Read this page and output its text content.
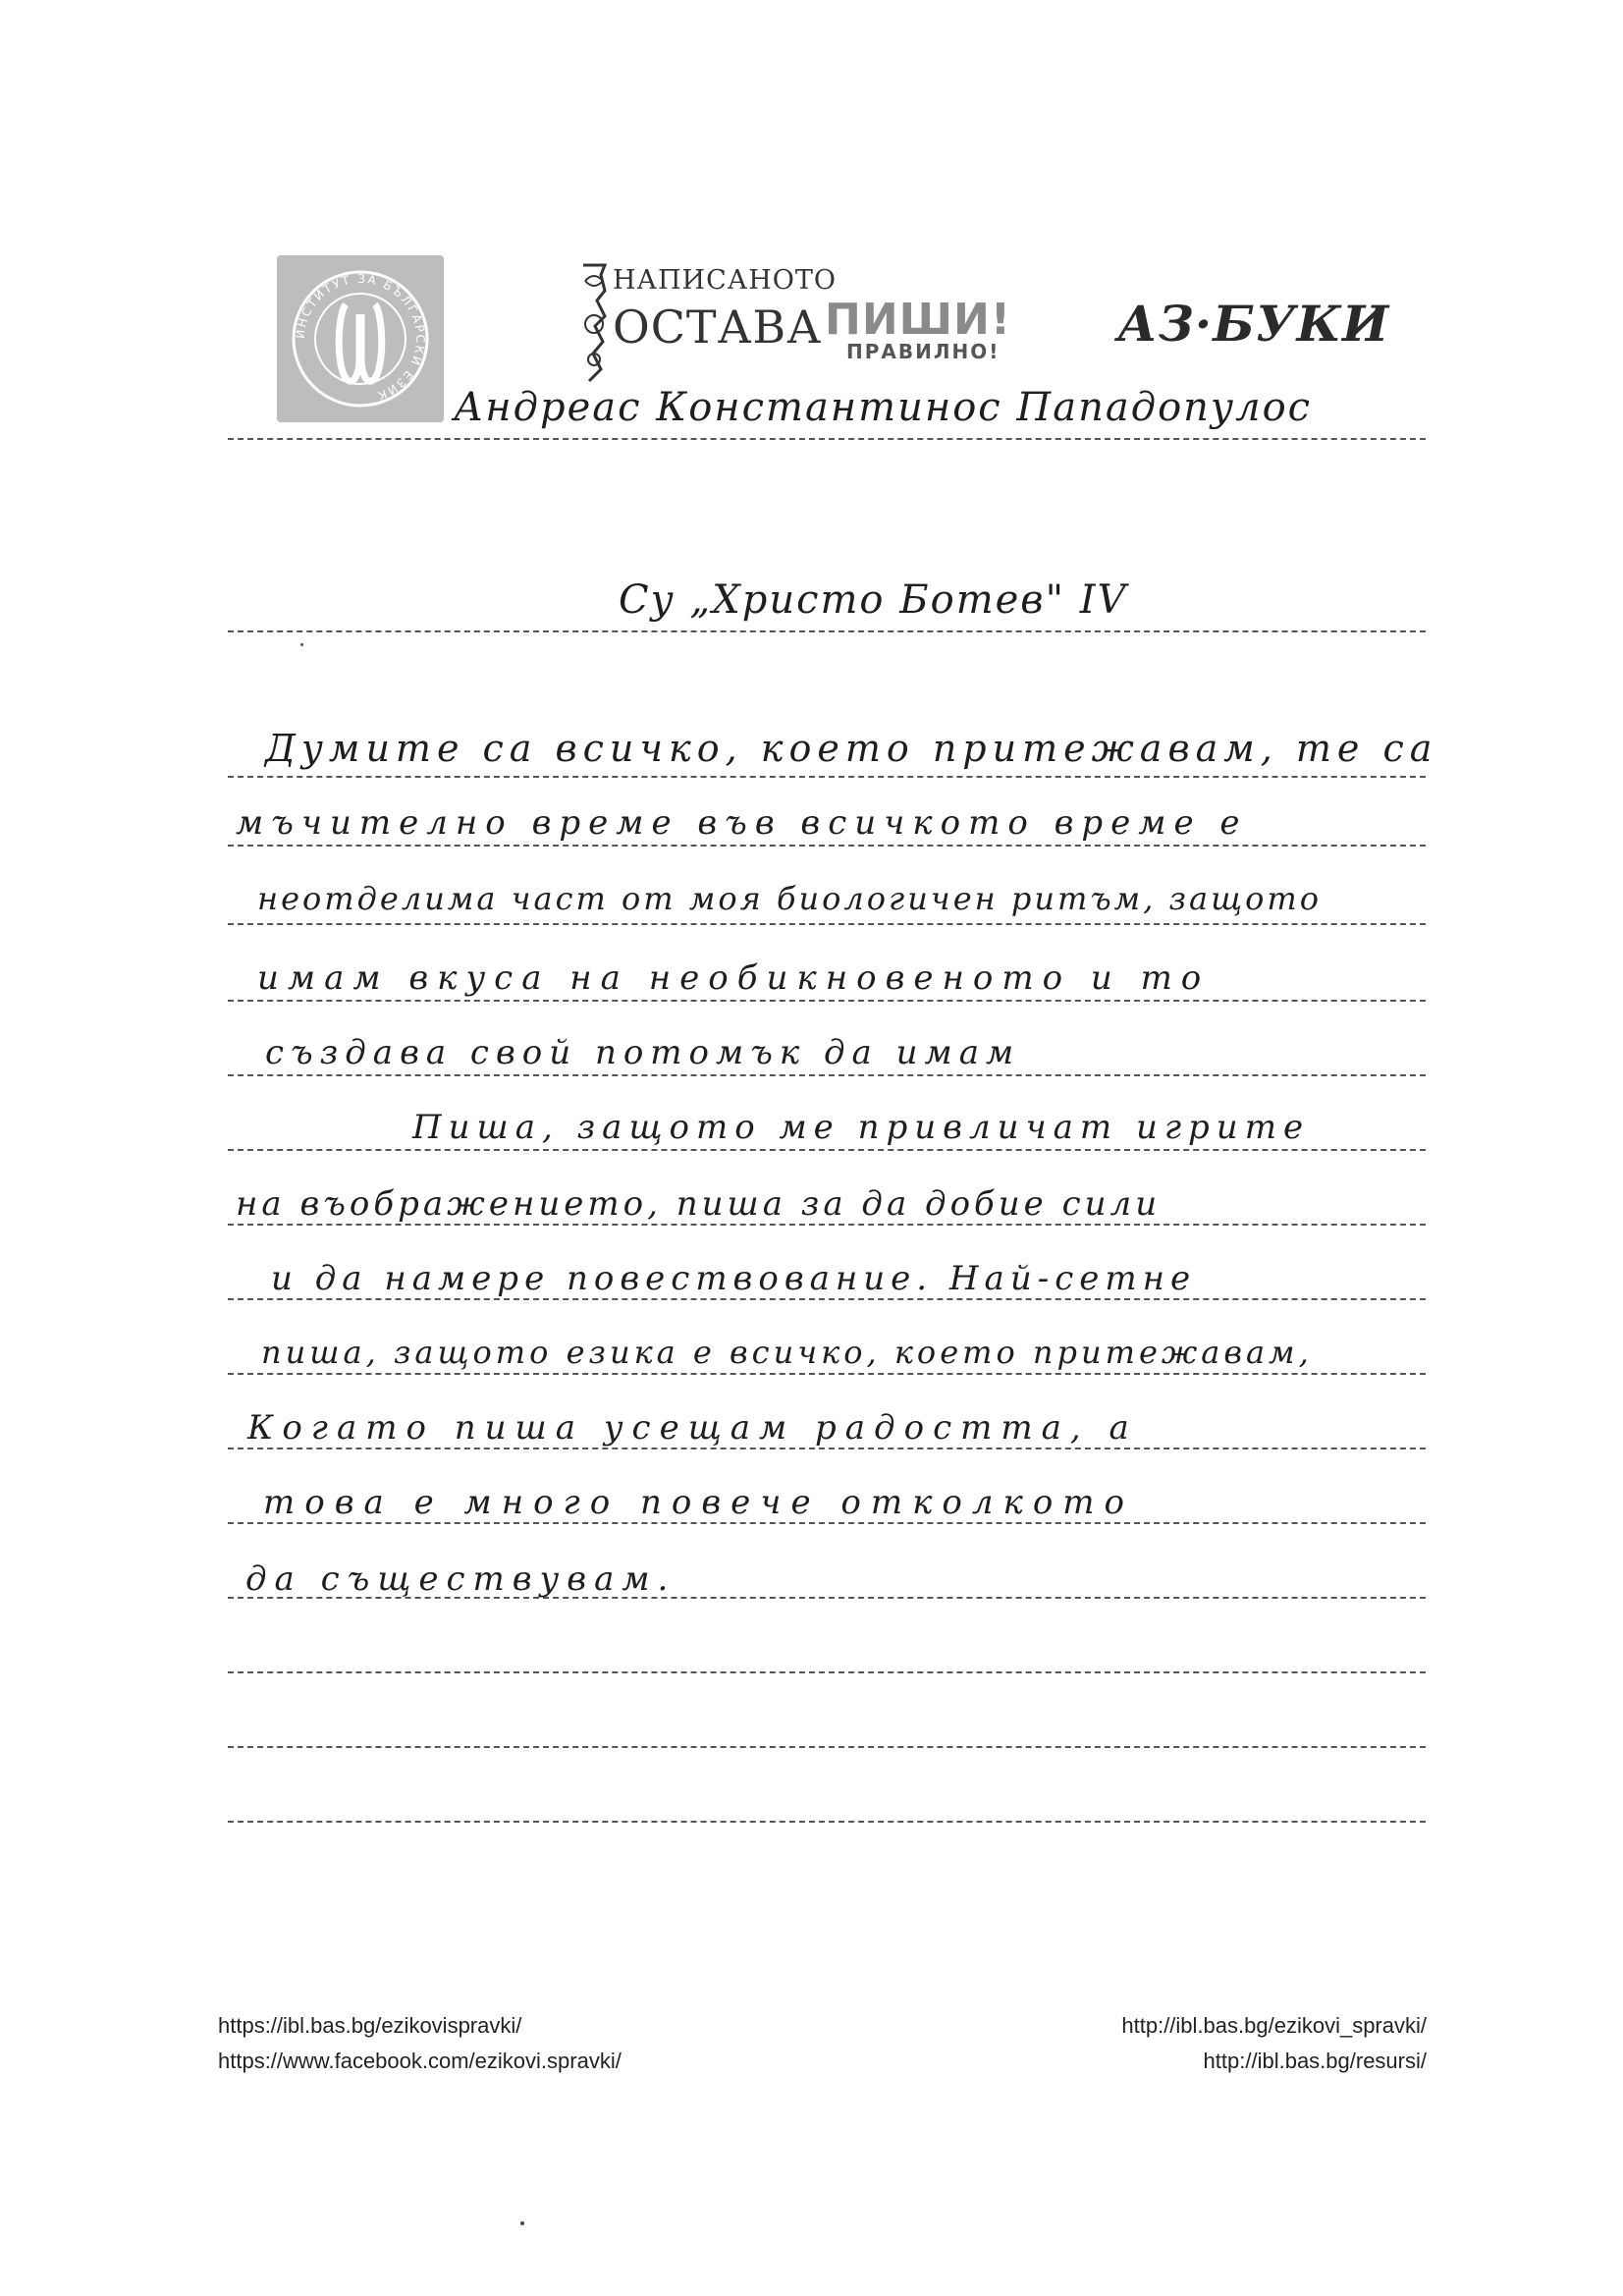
ИНСТИТУТ ЗА БЪЛГАРСКИ ЕЗИК
НАПИСАНОТО
ОСТАВА ПИШИ!
ПРАВИЛНО! АЗ·БУКИ
Андреас Константинос Пападопулос
Су „Христо Ботев" IV
Думите са всичко, което притежавам, те са
мъчително време във всичкото време е
неотделима част от моя биологичен ритъм, защото
имам вкуса на необикновеното и то
създава свой потомък да имам
Пиша, защото ме привличат игрите
на въображението, пиша за да добие сили
и да намере повествование. Най-сетне
пиша, защото езика е всичко, което притежавам,
Когато пиша усещам радостта, а
това е много повече отколкото
да съществувам.
https://ibl.bas.bg/ezikovispravki/
https://www.facebook.com/ezikovi.spravki/
http://ibl.bas.bg/ezikovi_spravki/
http://ibl.bas.bg/resursi/
